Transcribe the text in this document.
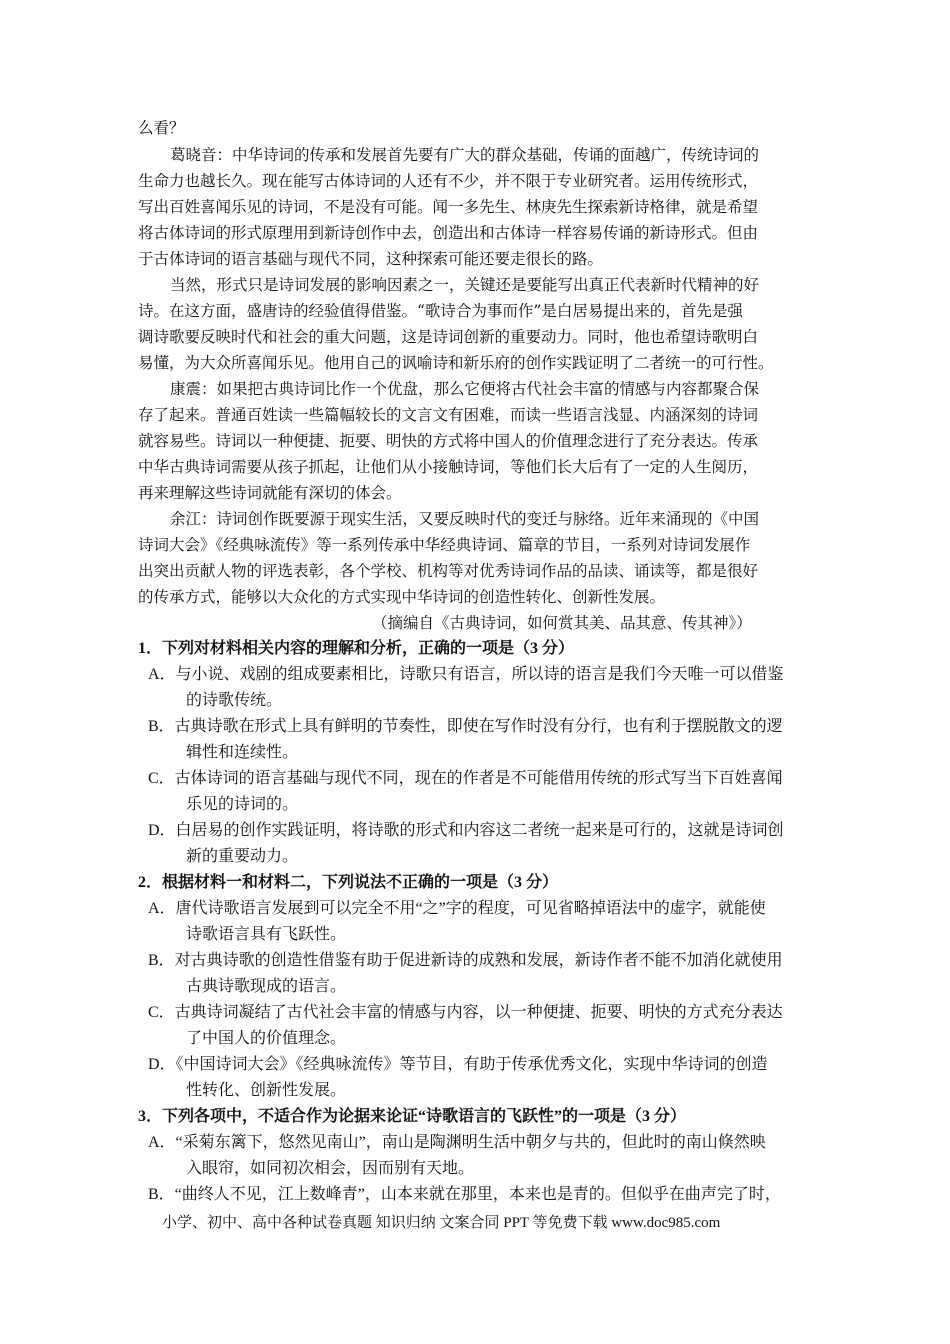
么看？
葛晓音：中华诗词的传承和发展首先要有广大的群众基础，传诵的面越广，传统诗词的
生命力也越长久。现在能写古体诗词的人还有不少，并不限于专业研究者。运用传统形式，
写出百姓喜闻乐见的诗词，不是没有可能。闻一多先生、林庚先生探索新诗格律，就是希望
将古体诗词的形式原理用到新诗创作中去，创造出和古体诗一样容易传诵的新诗形式。但由
于古体诗词的语言基础与现代不同，这种探索可能还要走很长的路。
当然，形式只是诗词发展的影响因素之一，关键还是要能写出真正代表新时代精神的好
诗。在这方面，盛唐诗的经验值得借鉴。“歌诗合为事而作”是白居易提出来的，首先是强
调诗歌要反映时代和社会的重大问题，这是诗词创新的重要动力。同时，他也希望诗歌明白
易懂，为大众所喜闻乐见。他用自己的讽喻诗和新乐府的创作实践证明了二者统一的可行性。
康震：如果把古典诗词比作一个优盘，那么它便将古代社会丰富的情感与内容都聚合保
存了起来。普通百姓读一些篇幅较长的文言文有困难，而读一些语言浅显、内涵深刻的诗词
就容易些。诗词以一种便捷、扼要、明快的方式将中国人的价值理念进行了充分表达。传承
中华古典诗词需要从孩子抓起，让他们从小接触诗词，等他们长大后有了一定的人生阅历，
再来理解这些诗词就能有深切的体会。
余江：诗词创作既要源于现实生活，又要反映时代的变迁与脉络。近年来涌现的《中国
诗词大会》《经典咏流传》等一系列传承中华经典诗词、篇章的节目，一系列对诗词发展作
出突出贡献人物的评选表彰，各个学校、机构等对优秀诗词作品的品读、诵读等，都是很好
的传承方式，能够以大众化的方式实现中华诗词的创造性转化、创新性发展。
（摘编自《古典诗词，如何赏其美、品其意、传其神》）
1．下列对材料相关内容的理解和分析，正确的一项是（3 分）
A．与小说、戏剧的组成要素相比，诗歌只有语言，所以诗的语言是我们今天唯一可以借鉴
的诗歌传统。
B．古典诗歌在形式上具有鲜明的节奏性，即使在写作时没有分行，也有利于摆脱散文的逻
辑性和连续性。
C．古体诗词的语言基础与现代不同，现在的作者是不可能借用传统的形式写当下百姓喜闻
乐见的诗词的。
D．白居易的创作实践证明，将诗歌的形式和内容这二者统一起来是可行的，这就是诗词创
新的重要动力。
2．根据材料一和材料二，下列说法不正确的一项是（3 分）
A．唐代诗歌语言发展到可以完全不用“之”字的程度，可见省略掉语法中的虚字，就能使
诗歌语言具有飞跃性。
B．对古典诗歌的创造性借鉴有助于促进新诗的成熟和发展，新诗作者不能不加消化就使用
古典诗歌现成的语言。
C．古典诗词凝结了古代社会丰富的情感与内容，以一种便捷、扼要、明快的方式充分表达
了中国人的价值理念。
D．《中国诗词大会》《经典咏流传》等节目，有助于传承优秀文化，实现中华诗词的创造
性转化、创新性发展。
3．下列各项中，不适合作为论据来论证“诗歌语言的飞跃性”的一项是（3 分）
A．“采菊东篱下，悠然见南山”，南山是陶渊明生活中朝夕与共的，但此时的南山倏然映
入眼帘，如同初次相会，因而别有天地。
B．“曲终人不见，江上数峰青”，山本来就在那里，本来也是青的。但似乎在曲声完了时，
小学、初中、高中各种试卷真题 知识归纳 文案合同 PPT 等免费下载 www.doc985.com
